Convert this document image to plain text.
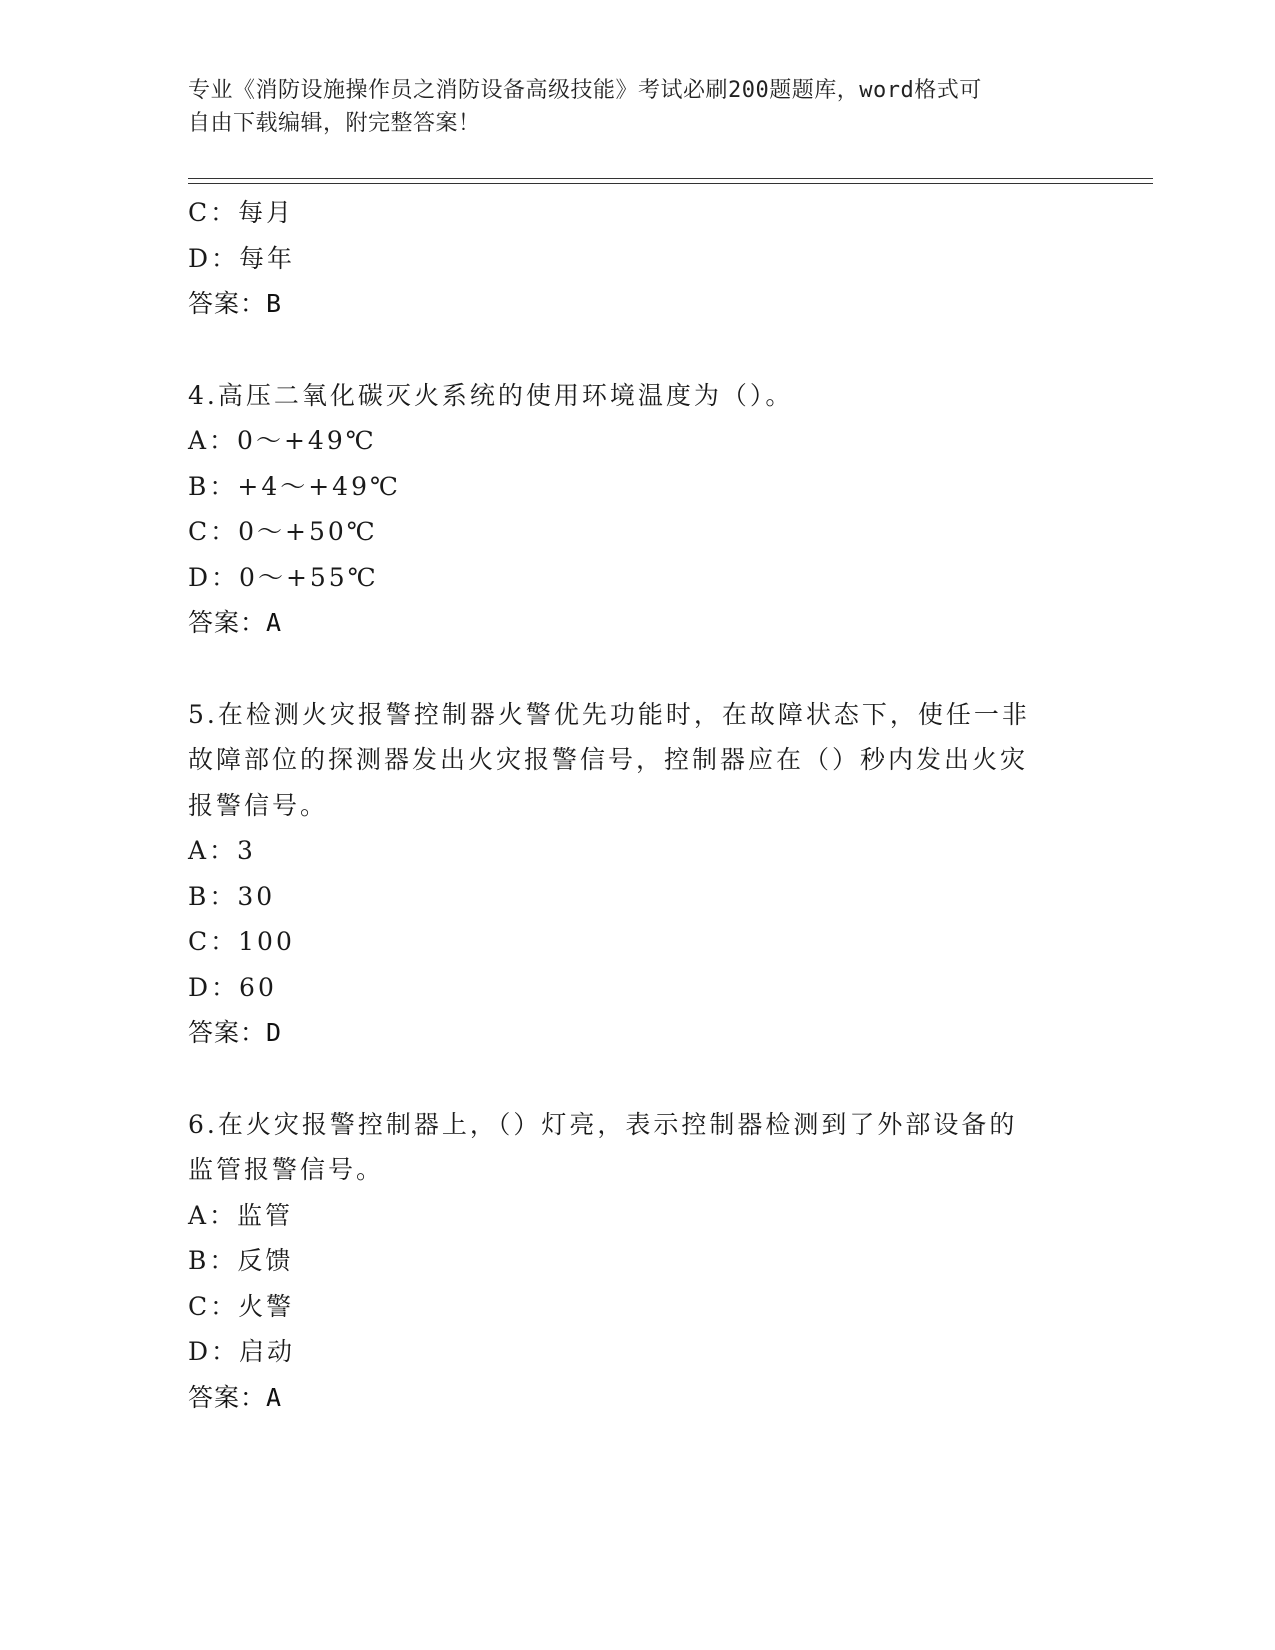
专业《消防设施操作员之消防设备高级技能》考试必刷200题题库，word格式可
自由下载编辑，附完整答案！
C：每月
D：每年
答案：B
4.高压二氧化碳灭火系统的使用环境温度为（）。
A：0～+49℃
B：+4～+49℃
C：0～+50℃
D：0～+55℃
答案：A
5.在检测火灾报警控制器火警优先功能时，在故障状态下，使任一非
故障部位的探测器发出火灾报警信号，控制器应在（）秒内发出火灾
报警信号。
A：3
B：30
C：100
D：60
答案：D
6.在火灾报警控制器上，（）灯亮，表示控制器检测到了外部设备的
监管报警信号。
A：监管
B：反馈
C：火警
D：启动
答案：A
